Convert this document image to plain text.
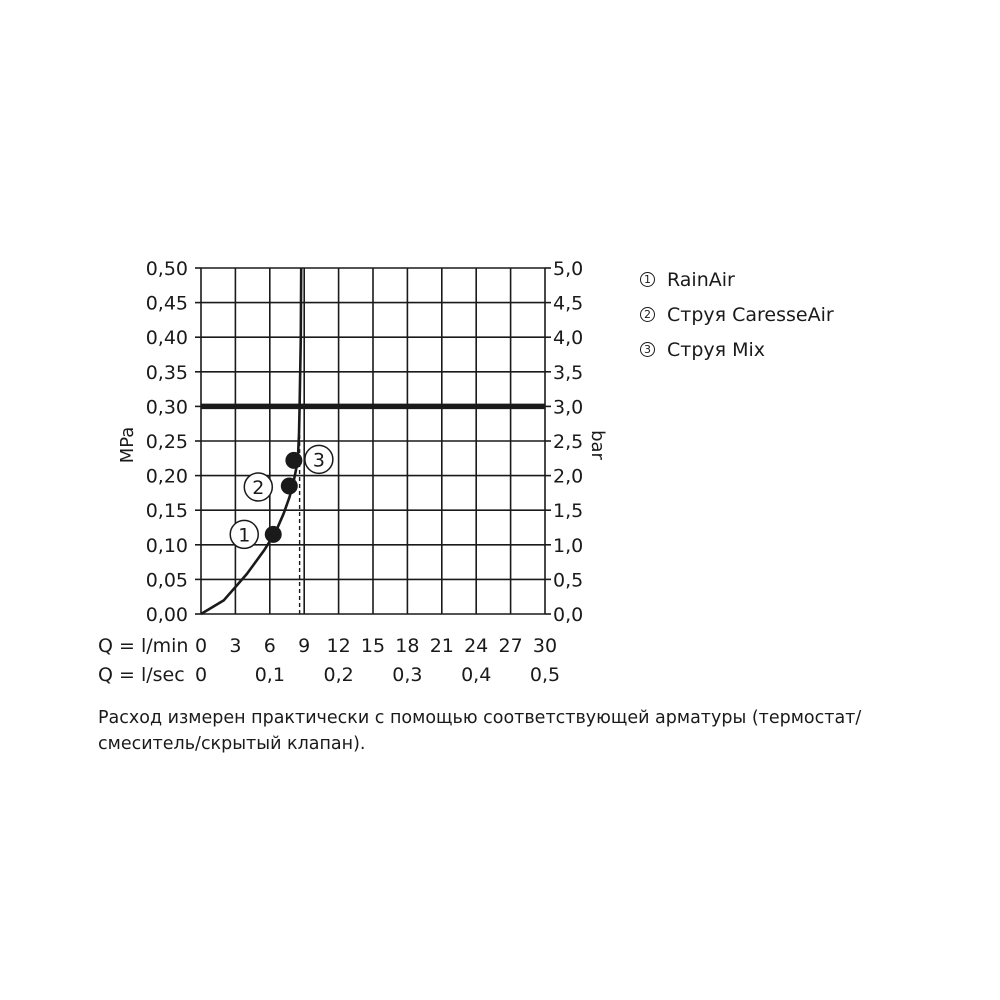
1
2
3
0,00
0,05
0,10
0,15
0,20
0,25
0,30
0,35
0,40
0,45
0,50
0,0
0,5
1,0
1,5
2,0
2,5
3,0
3,5
4,0
4,5
5,0
0 3 6 9 12 15 18 21 24 27 30
0	0,1 0,2 0,3 0,4 0,5
MPa	bar
Q = l/min
Q = l/sec
1 RainAir
2 Струя CaresseAir
3 Струя Mix
Расход измерен практически с помощью соответствующей арматуры (термостат/
смеситель/скрытый клапан).
